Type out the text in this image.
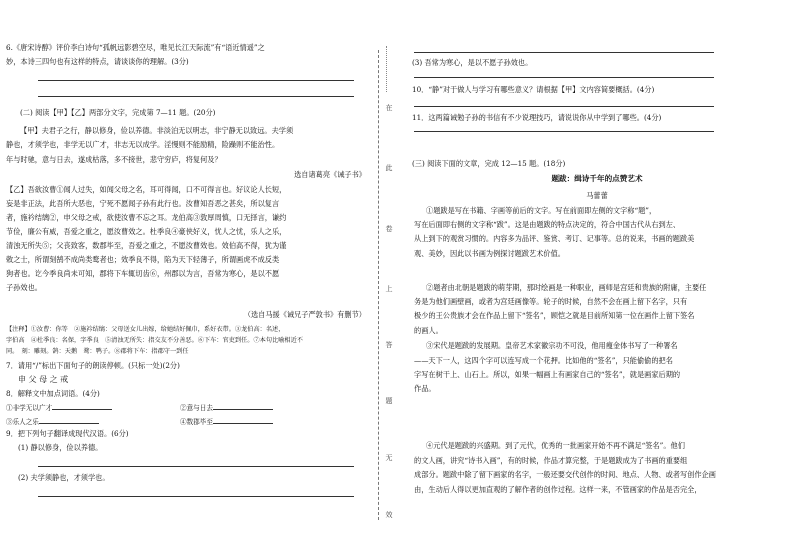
6.《唐宋诗醇》评价李白诗句“孤帆远影碧空尽，唯见长江天际流”有“语近情遥”之
妙，本诗三四句也有这样的特点，请谈谈你的理解。(3分)
(二) 阅读【甲】【乙】两部分文字，完成第 7—11 题。(20分)
【甲】夫君子之行，静以修身，俭以养德。非淡泊无以明志，非宁静无以致远。夫学须
静也，才须学也，非学无以广才，非志无以成学。淫慢则不能励精，险躁则不能治性。
年与时驰，意与日去，遂成枯落，多不接世，悲守穷庐，将复何及？
选自诸葛亮《诫子书》
【乙】吾欲汝曹①闻人过失，如闻父母之名，耳可得闻，口不可得言也。好议论人长短，
妄是非正法，此吾所大恶也，宁死不愿闻子孙有此行也。汝曹知吾恶之甚矣，所以复言
者，施衿结缡②，申父母之戒，欲使汝曹不忘之耳。龙伯高③敦厚周慎，口无择言，谦约
节俭，廉公有威，吾爱之重之，愿汝曹效之。杜季良④豪侠好义，忧人之忧，乐人之乐，
清浊无所失⑤；父丧致客，数郡毕至，吾爱之重之，不愿汝曹效也。效伯高不得，犹为谨
敕之士，所谓刻鹄不成尚类鹜者也；效季良不得，陷为天下轻薄子，所谓画虎不成反类
狗者也。讫今季良尚未可知，郡将下车辄切齿⑥，州郡以为言，吾常为寒心，是以不愿
子孙效也。
（选自马援《诫兄子严敦书》有删节）
【注释】①汝曹：你等　②施衿结缡：父母送女儿出嫁，给她结好佩巾，系好衣带。③龙伯高：名述，
字伯高　④杜季良：名保，字季良　⑤清浊无所失：指交友不分善恶。⑥下车：官吏到任。⑦本句比喻相近不
同。　刻：雕刻。鹄：天鹅　鹜：鸭子。⑧郡将下车：指郡守一到任
7．请用“/”标出下面句子的朗读停顿。(只标一处)(2分)
申 父 母 之 戒
8．解释文中加点词语。(4分)
①非学无以广才	②意与日去
③乐人之乐	④数郡毕至
9．把下列句子翻译成现代汉语。(6分)
(1) 静以修身，俭以养德。
(2) 夫学须静也，才须学也。
在
此
卷
上
答
题
无
效
(3) 吾常为寒心，是以不愿子孙效也。
10．“静”对于做人与学习有哪些意义？请根据【甲】文内容简要概括。(4分)
11．这两篇诫勉子孙的书信有不少说理技巧，请说说你从中学到了哪些。(4分)
(三) 阅读下面的文章，完成 12—15 题。(18分)
题跋：缉诗千年的点赞艺术
马蕾蕾
①题跋是写在书籍、字画等前后的文字。写在前面即左侧的文字称“题”，
写在后面即右侧的文字称“跋”。这是由题跋的特点决定的，符合中国古代从右到左、
从上到下的观赏习惯的。内容多为品评、鉴赏、考订、记事等。总的说来，书画的题跋美
观、美妙，因此以书画为例探讨题跋艺术价值。
②题者由北朝是题跋的萌芽期，那时绘画是一种职业，画师是宫廷和贵族的附庸，主要任
务是为他们画壁画，或者为宫廷画像等。轮子的时候，自然不会在画上留下名字，只有
极少的王公贵族才会在作品上留下“签名”，顾恺之就是目前所知第一位在画作上留下签名
的画人。
③宋代是题跋的发展期。皇帝艺术家徽宗功不可没，他用瘦金体书写了一种署名
——天下一人，这四个字可以连写成一个花押。比如他的“签名”，只能偷偷的把名
字写在树干上、山石上。所以，如果一幅画上有画家自己的“签名”，就是画家后期的
作品。
④元代是题跋的兴盛期。到了元代，优秀的一批画家开始不再不满足“签名”。他们
的文人画，讲究“诗书入画”，有的时候，作品才算完整，于是题跋成为了书画的重要组
成部分。题跋中除了留下画家的名字，一般还要交代创作的时间、地点、人物、或者写创作企画
由，生动后人得以更加直观的了解作者的创作过程。这样一来，不管画家的作品是否完全，
